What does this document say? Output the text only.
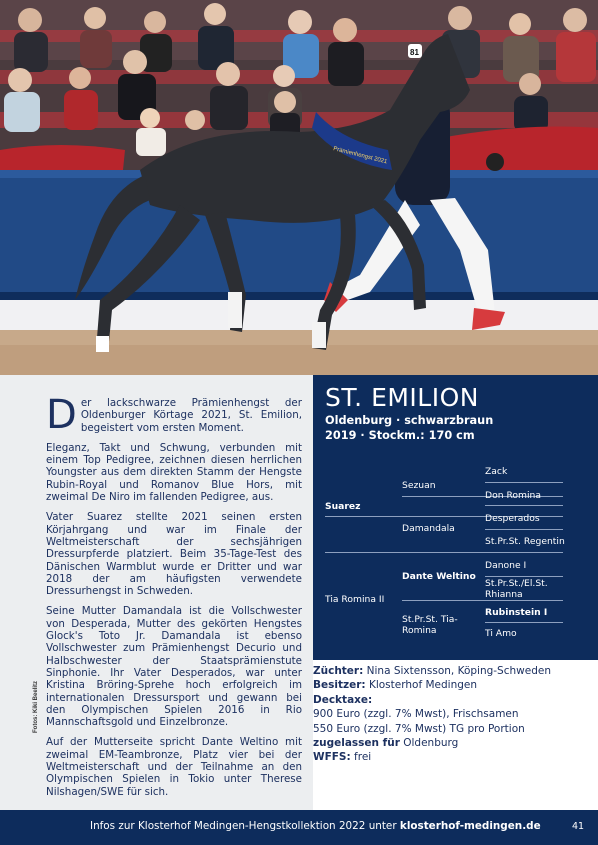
Prämienhengst 2021
81
D er lackschwarze Prämienhengst der Oldenburger Körtage 2021, St. Emilion, begeistert vom ersten Moment.

Eleganz, Takt und Schwung, verbunden mit einem Top Pedigree, zeichnen diesen herrlichen Youngster aus dem direkten Stamm der Hengste Rubin-Royal und Romanov Blue Hors, mit zweimal De Niro im fallenden Pedigree, aus.

Vater Suarez stellte 2021 seinen ersten Körjahrgang und war im Finale der Weltmeisterschaft der sechsjährigen Dressurpferde platziert. Beim 35-Tage-Test des Dänischen Warmblut wurde er Dritter und war 2018 der am häufigsten verwendete Dressurhengst in Schweden.

Seine Mutter Damandala ist die Vollschwester von Desperada, Mutter des gekörten Hengstes Glock's Toto Jr. Damandala ist ebenso Vollschwester zum Prämienhengst Decurio und Halbschwester der Staatsprämienstute Sinphonie. Ihr Vater Desperados, war unter Kristina Bröring-Sprehe hoch erfolgreich im internationalen Dressursport und gewann bei den Olympischen Spielen 2016 in Rio Mannschaftsgold und Einzelbronze.

Auf der Mutterseite spricht Dante Weltino mit zweimal EM-Teambronze, Platz vier bei der Weltmeisterschaft und der Teilnahme an den Olympischen Spielen in Tokio unter Therese Nilshagen/SWE für sich.

Fotos: Kiki Beelitz
ST. EMILION
Oldenburg · schwarzbraun
2019 · Stockm.: 170 cm
Zack
Sezuan
Don Romina
Suarez
Desperados
Damandala
St.Pr.St. Regentin
Danone I
Dante Weltino
St.Pr.St./El.St. Rhianna
Tia Romina II
Rubinstein I
St.Pr.St. Tia-Romina	Ti Amo
Züchter: Nina Sixtensson, Köping-Schweden
Besitzer: Klosterhof Medingen
Decktaxe:
900 Euro (zzgl. 7% Mwst), Frischsamen
550 Euro (zzgl. 7% Mwst) TG pro Portion
zugelassen für Oldenburg
WFFS: frei
Infos zur Klosterhof Medingen-Hengstkollektion 2022 unter klosterhof-medingen.de	41
